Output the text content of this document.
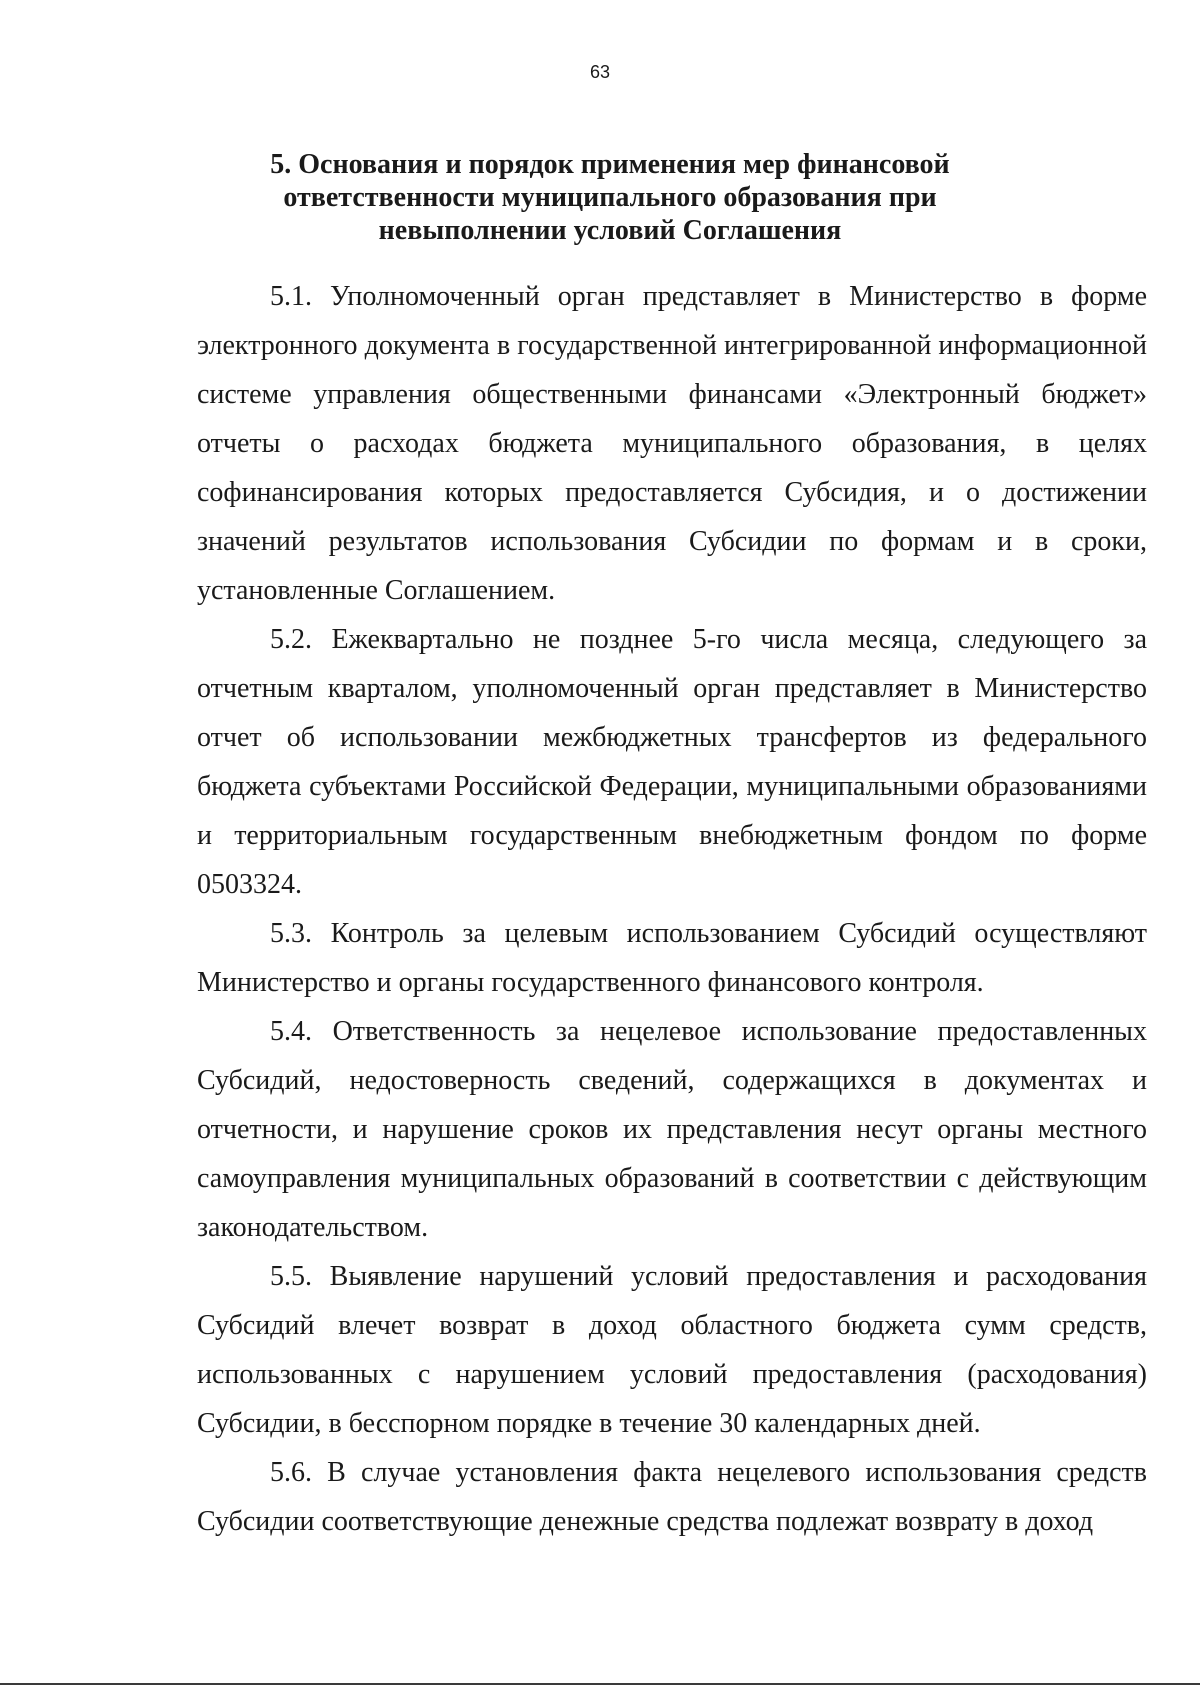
63
5. Основания и порядок применения мер финансовой ответственности муниципального образования при невыполнении условий Соглашения

5.1. Уполномоченный орган представляет в Министерство в форме электронного документа в государственной интегрированной информационной системе управления общественными финансами «Электронный бюджет» отчеты о расходах бюджета муниципального образования, в целях софинансирования которых предоставляется Субсидия, и о достижении значений результатов использования Субсидии по формам и в сроки, установленные Соглашением.

5.2. Ежеквартально не позднее 5-го числа месяца, следующего за отчетным кварталом, уполномоченный орган представляет в Министерство отчет об использовании межбюджетных трансфертов из федерального бюджета субъектами Российской Федерации, муниципальными образованиями и территориальным государственным внебюджетным фондом по форме 0503324.

5.3. Контроль за целевым использованием Субсидий осуществляют Министерство и органы государственного финансового контроля.

5.4. Ответственность за нецелевое использование предоставленных Субсидий, недостоверность сведений, содержащихся в документах и отчетности, и нарушение сроков их представления несут органы местного самоуправления муниципальных образований в соответствии с действующим законодательством.

5.5. Выявление нарушений условий предоставления и расходования Субсидий влечет возврат в доход областного бюджета сумм средств, использованных с нарушением условий предоставления (расходования) Субсидии, в бесспорном порядке в течение 30 календарных дней.

5.6. В случае установления факта нецелевого использования средств Субсидии соответствующие денежные средства подлежат возврату в доход
